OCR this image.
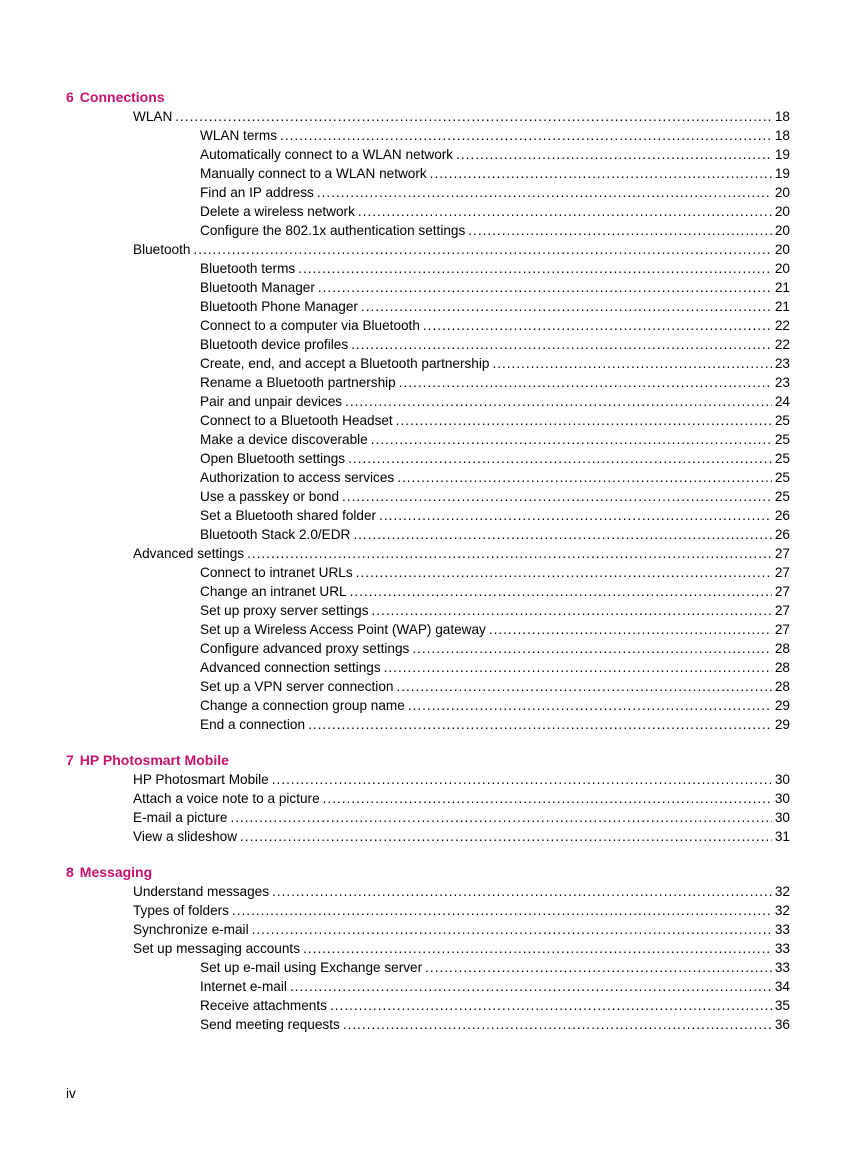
6 Connections
WLAN .....	18
WLAN terms .....	18
Automatically connect to a WLAN network .....	19
Manually connect to a WLAN network .....	19
Find an IP address .....	20
Delete a wireless network .....	20
Configure the 802.1x authentication settings .....	20
Bluetooth .....	20
Bluetooth terms .....	20
Bluetooth Manager .....	21
Bluetooth Phone Manager .....	21
Connect to a computer via Bluetooth .....	22
Bluetooth device profiles .....	22
Create, end, and accept a Bluetooth partnership .....	23
Rename a Bluetooth partnership .....	23
Pair and unpair devices .....	24
Connect to a Bluetooth Headset .....	25
Make a device discoverable .....	25
Open Bluetooth settings .....	25
Authorization to access services .....	25
Use a passkey or bond .....	25
Set a Bluetooth shared folder .....	26
Bluetooth Stack 2.0/EDR .....	26
Advanced settings .....	27
Connect to intranet URLs .....	27
Change an intranet URL .....	27
Set up proxy server settings .....	27
Set up a Wireless Access Point (WAP) gateway .....	27
Configure advanced proxy settings .....	28
Advanced connection settings .....	28
Set up a VPN server connection .....	28
Change a connection group name .....	29
End a connection .....	29
7 HP Photosmart Mobile
HP Photosmart Mobile .....	30
Attach a voice note to a picture .....	30
E-mail a picture .....	30
View a slideshow .....	31
8 Messaging
Understand messages .....	32
Types of folders .....	32
Synchronize e-mail .....	33
Set up messaging accounts .....	33
Set up e-mail using Exchange server .....	33
Internet e-mail .....	34
Receive attachments .....	35
Send meeting requests .....	36
iv
